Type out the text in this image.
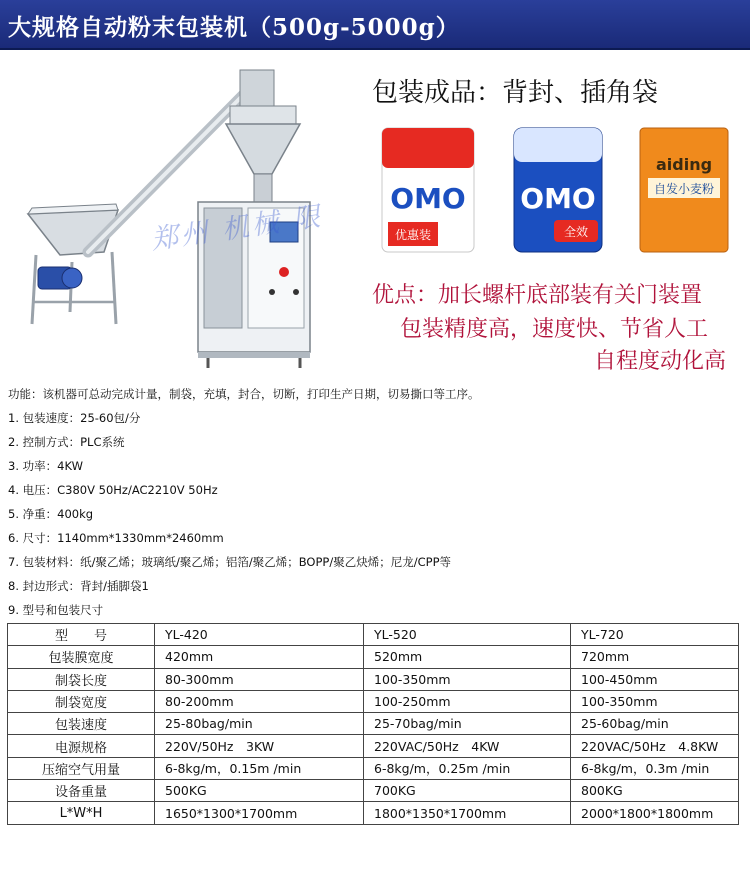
大规格自动粉末包装机（500g-5000g）
包装成品：背封、插角袋
OMO
优惠装
OMO
全效
aiding
自发小麦粉
郑州 机械 限
优点：加长螺杆底部装有关门装置
包装精度高，速度快、节省人工
自程度动化高
功能：该机器可总动完成计量，制袋，充填，封合，切断，打印生产日期，切易撕口等工序。
1. 包装速度：25-60包/分
2. 控制方式：PLC系统
3. 功率：4KW
4. 电压：C380V 50Hz/AC2210V 50Hz
5. 净重：400kg
6. 尺寸：1140mm*1330mm*2460mm
7. 包装材料：纸/聚乙烯；玻璃纸/聚乙烯；铝箔/聚乙烯；BOPP/聚乙炔烯；尼龙/CPP等
8. 封边形式：背封/插脚袋1
9. 型号和包装尺寸
型　　号	YL-420	YL-520	YL-720
包装膜宽度	420mm	520mm	720mm
制袋长度	80-300mm	100-350mm	100-450mm
制袋宽度	80-200mm	100-250mm	100-350mm
包装速度	25-80bag/min	25-70bag/min	25-60bag/min
电源规格	220V/50Hz　3KW	220VAC/50Hz　4KW	220VAC/50Hz　4.8KW
压缩空气用量	6-8kg/m，0.15m /min	6-8kg/m，0.25m /min	6-8kg/m，0.3m /min
设备重量	500KG	700KG	800KG
L*W*H	1650*1300*1700mm	1800*1350*1700mm	2000*1800*1800mm
